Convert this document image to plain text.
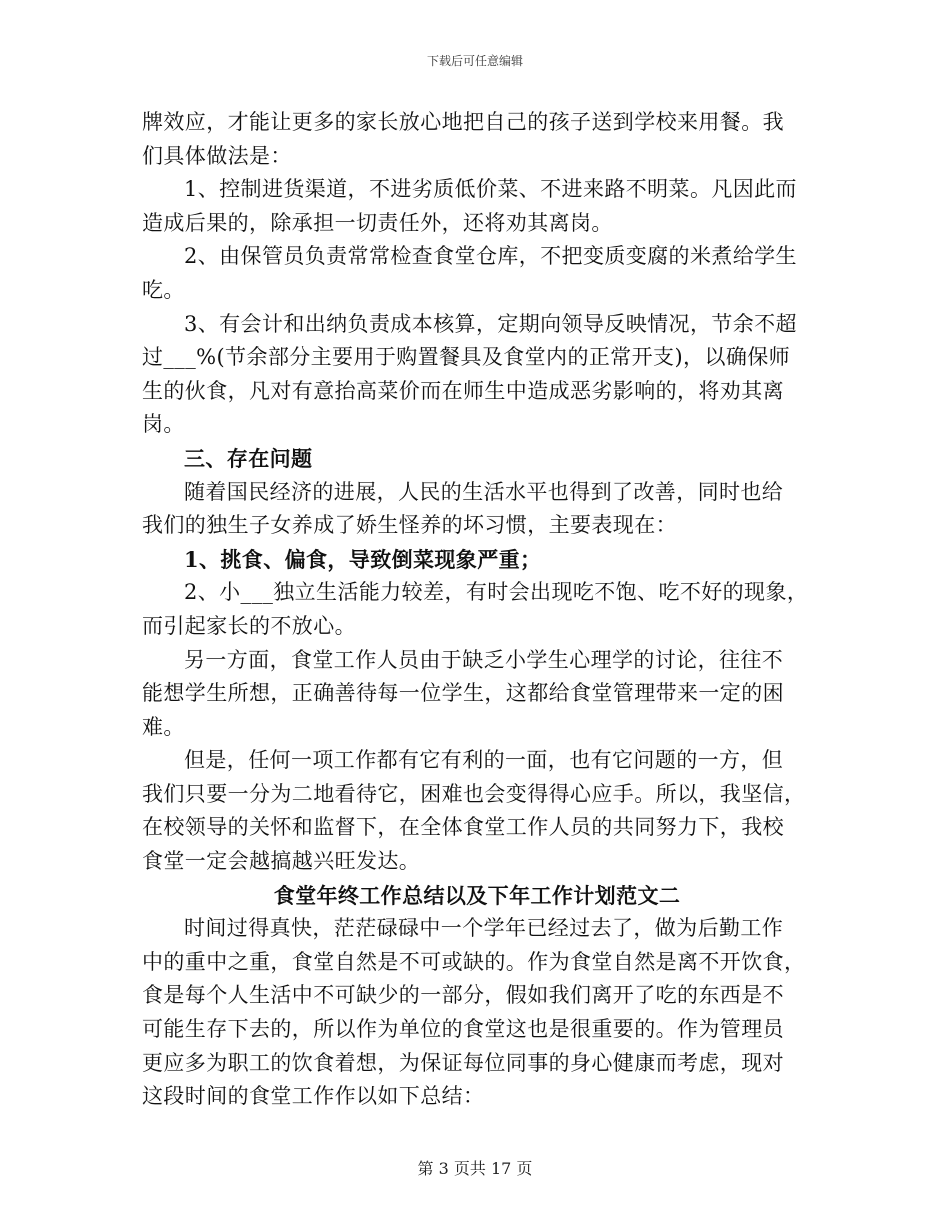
下载后可任意编辑
牌效应，才能让更多的家长放心地把自己的孩子送到学校来用餐。我
们具体做法是：
1、控制进货渠道，不进劣质低价菜、不进来路不明菜。凡因此而
造成后果的，除承担一切责任外，还将劝其离岗。
2、由保管员负责常常检查食堂仓库，不把变质变腐的米煮给学生
吃。
3、有会计和出纳负责成本核算，定期向领导反映情况，节余不超
过___%(节余部分主要用于购置餐具及食堂内的正常开支)，以确保师
生的伙食，凡对有意抬高菜价而在师生中造成恶劣影响的，将劝其离
岗。
三、存在问题
随着国民经济的进展，人民的生活水平也得到了改善，同时也给
我们的独生子女养成了娇生怪养的坏习惯，主要表现在：
1、挑食、偏食，导致倒菜现象严重；
2、小___独立生活能力较差，有时会出现吃不饱、吃不好的现象，
而引起家长的不放心。
另一方面，食堂工作人员由于缺乏小学生心理学的讨论，往往不
能想学生所想，正确善待每一位学生，这都给食堂管理带来一定的困
难。
但是，任何一项工作都有它有利的一面，也有它问题的一方，但
我们只要一分为二地看待它，困难也会变得得心应手。所以，我坚信，
在校领导的关怀和监督下，在全体食堂工作人员的共同努力下，我校
食堂一定会越搞越兴旺发达。
食堂年终工作总结以及下年工作计划范文二
时间过得真快，茫茫碌碌中一个学年已经过去了，做为后勤工作
中的重中之重，食堂自然是不可或缺的。作为食堂自然是离不开饮食，
食是每个人生活中不可缺少的一部分，假如我们离开了吃的东西是不
可能生存下去的，所以作为单位的食堂这也是很重要的。作为管理员
更应多为职工的饮食着想，为保证每位同事的身心健康而考虑，现对
这段时间的食堂工作作以如下总结：
第 3 页共 17 页
